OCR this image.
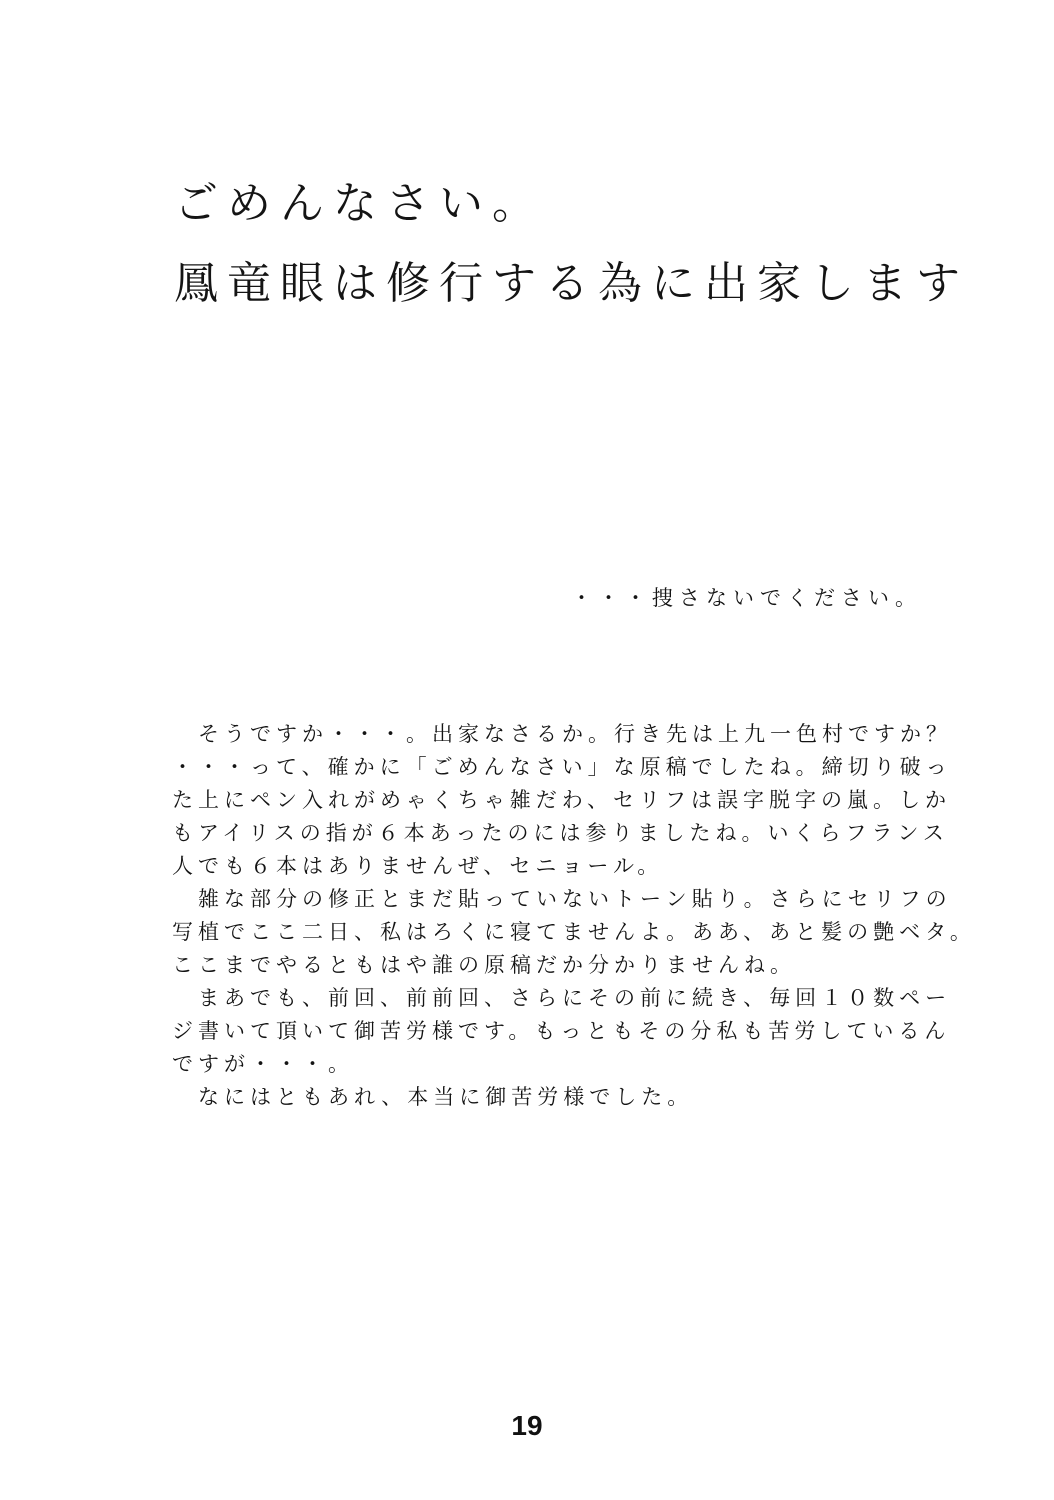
ごめんなさい。
鳳竜眼は修行する為に出家します
・・・捜さないでください。

　そうですか・・・。出家なさるか。行き先は上九一色村ですか？
・・・って、確かに「ごめんなさい」な原稿でしたね。締切り破っ
た上にペン入れがめゃくちゃ雑だわ、セリフは誤字脱字の嵐。しか
もアイリスの指が６本あったのには参りましたね。いくらフランス
人でも６本はありませんぜ、セニョール。

　雑な部分の修正とまだ貼っていないトーン貼り。さらにセリフの
写植でここ二日、私はろくに寝てませんよ。ああ、あと髪の艶ベタ。
ここまでやるともはや誰の原稿だか分かりませんね。

　まあでも、前回、前前回、さらにその前に続き、毎回１０数ペー
ジ書いて頂いて御苦労様です。もっともその分私も苦労しているん
ですが・・・。

　なにはともあれ、本当に御苦労様でした。

19
